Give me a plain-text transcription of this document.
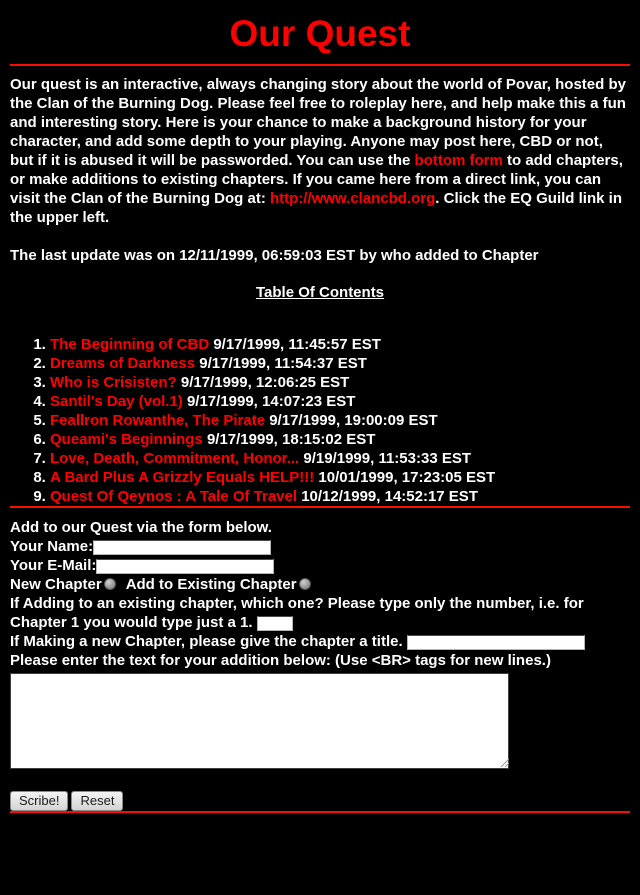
Our Quest

Our quest is an interactive, always changing story about the world of Povar, hosted by the Clan of the Burning Dog. Please feel free to roleplay here, and help make this a fun and interesting story. Here is your chance to make a background history for your character, and add some depth to your playing. Anyone may post here, CBD or not, but if it is abused it will be passworded. You can use the bottom form to add chapters, or make additions to existing chapters. If you came here from a direct link, you can visit the Clan of the Burning Dog at: http://www.clancbd.org. Click the EQ Guild link in the upper left.

The last update was on 12/11/1999, 06:59:03 EST by who added to Chapter

Table Of Contents
1. The Beginning of CBD 9/17/1999, 11:45:57 EST
2. Dreams of Darkness 9/17/1999, 11:54:37 EST
3. Who is Crisisten? 9/17/1999, 12:06:25 EST
4. Santil's Day (vol.1) 9/17/1999, 14:07:23 EST
5. Feallron Rowanthe, The Pirate 9/17/1999, 19:00:09 EST
6. Queami's Beginnings 9/17/1999, 18:15:02 EST
7. Love, Death, Commitment, Honor... 9/19/1999, 11:53:33 EST
8. A Bard Plus A Grizzly Equals HELP!!! 10/01/1999, 17:23:05 EST
9. Quest Of Qeynos : A Tale Of Travel 10/12/1999, 14:52:17 EST
Add to our Quest via the form below.
Your Name:
Your E-Mail:
New Chapter Add to Existing Chapter
If Adding to an existing chapter, which one? Please type only the number, i.e. for Chapter 1 you would type just a 1.
If Making a new Chapter, please give the chapter a title.
Please enter the text for your addition below: (Use <BR> tags for new lines.)
Scribe! Reset
